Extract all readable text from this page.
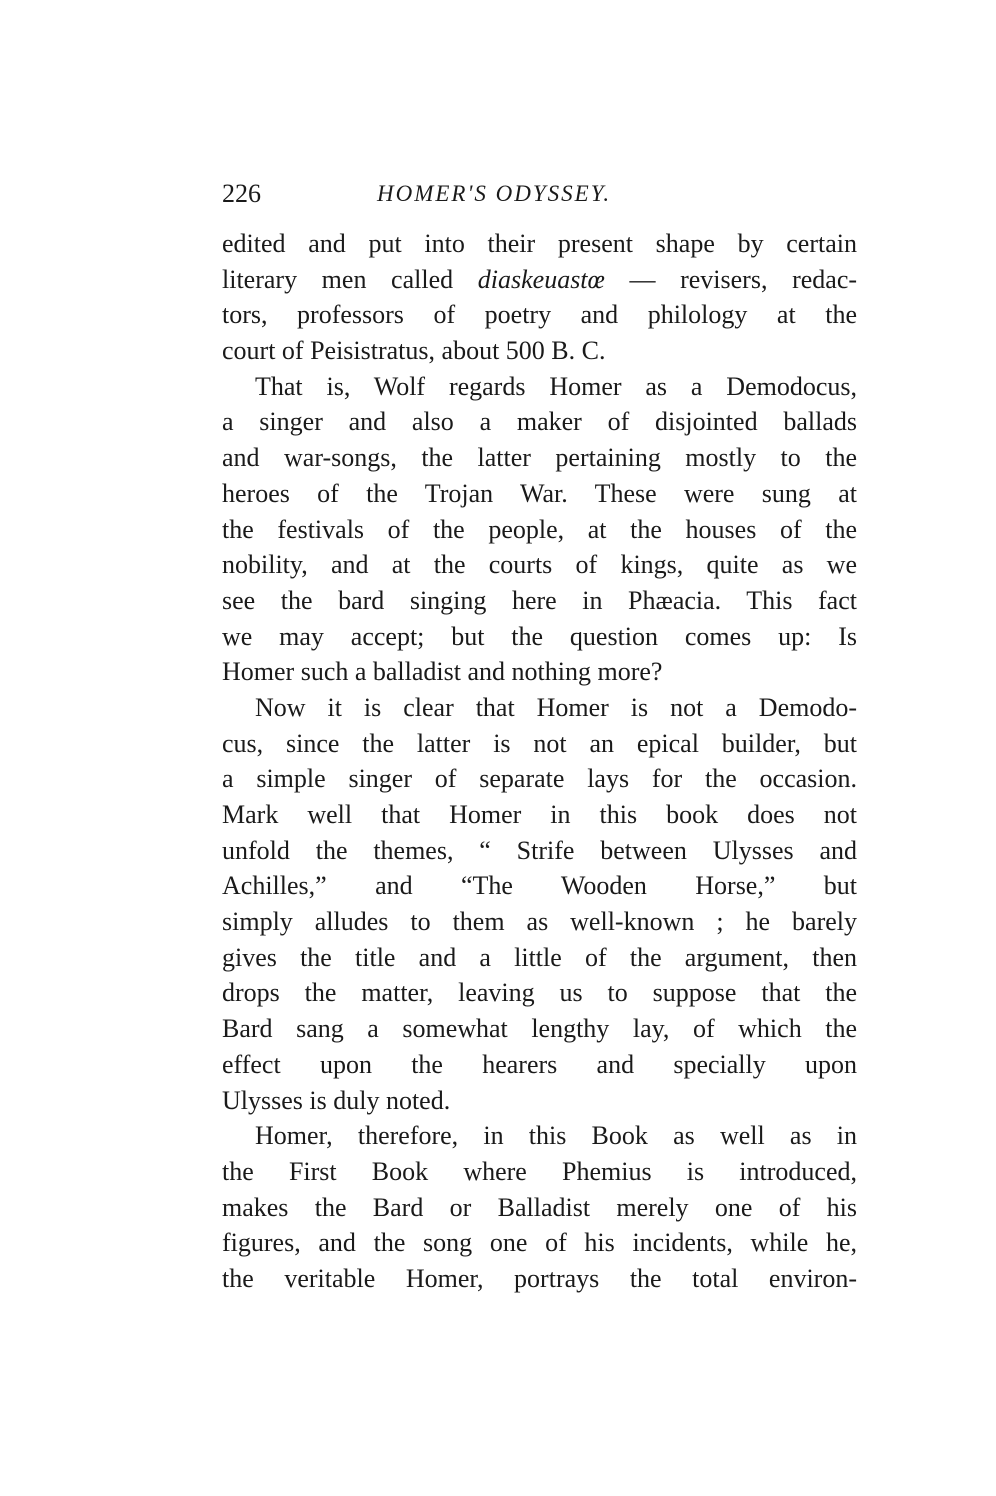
226	HOMER'S ODYSSEY.
edited and put into their present shape by certain
literary men called diaskeuastœ — revisers, redac-
tors, professors of poetry and philology at the
court of Peisistratus, about 500 B. C.
That is, Wolf regards Homer as a Demodocus,
a singer and also a maker of disjointed ballads
and war-songs, the latter pertaining mostly to the
heroes of the Trojan War. These were sung at
the festivals of the people, at the houses of the
nobility, and at the courts of kings, quite as we
see the bard singing here in Phæacia. This fact
we may accept; but the question comes up: Is
Homer such a balladist and nothing more?
Now it is clear that Homer is not a Demodo-
cus, since the latter is not an epical builder, but
a simple singer of separate lays for the occasion.
Mark well that Homer in this book does not
unfold the themes, “ Strife between Ulysses and
Achilles,” and “The Wooden Horse,” but
simply alludes to them as well-known ; he barely
gives the title and a little of the argument, then
drops the matter, leaving us to suppose that the
Bard sang a somewhat lengthy lay, of which the
effect upon the hearers and specially upon
Ulysses is duly noted.
Homer, therefore, in this Book as well as in
the First Book where Phemius is introduced,
makes the Bard or Balladist merely one of his
figures, and the song one of his incidents, while he,
the veritable Homer, portrays the total environ-
